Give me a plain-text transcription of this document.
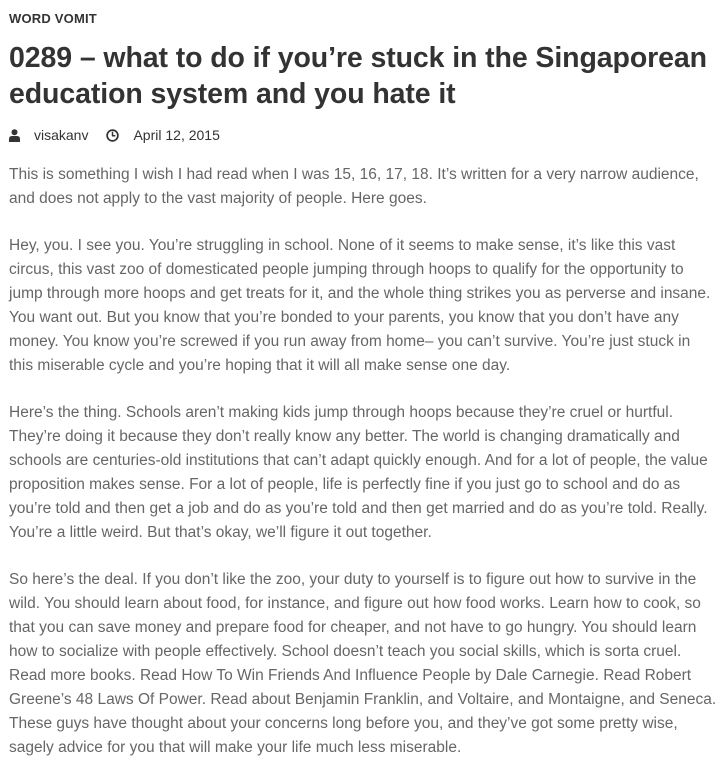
WORD VOMIT
0289 – what to do if you’re stuck in the Singaporean education system and you hate it
visakanv	April 12, 2015

This is something I wish I had read when I was 15, 16, 17, 18. It’s written for a very narrow audience, and does not apply to the vast majority of people. Here goes.

Hey, you. I see you. You’re struggling in school. None of it seems to make sense, it’s like this vast circus, this vast zoo of domesticated people jumping through hoops to qualify for the opportunity to jump through more hoops and get treats for it, and the whole thing strikes you as perverse and insane. You want out. But you know that you’re bonded to your parents, you know that you don’t have any money. You know you’re screwed if you run away from home– you can’t survive. You’re just stuck in this miserable cycle and you’re hoping that it will all make sense one day.

Here’s the thing. Schools aren’t making kids jump through hoops because they’re cruel or hurtful. They’re doing it because they don’t really know any better. The world is changing dramatically and schools are centuries-old institutions that can’t adapt quickly enough. And for a lot of people, the value proposition makes sense. For a lot of people, life is perfectly fine if you just go to school and do as you’re told and then get a job and do as you’re told and then get married and do as you’re told. Really. You’re a little weird. But that’s okay, we’ll figure it out together.

So here’s the deal. If you don’t like the zoo, your duty to yourself is to figure out how to survive in the wild. You should learn about food, for instance, and figure out how food works. Learn how to cook, so that you can save money and prepare food for cheaper, and not have to go hungry. You should learn how to socialize with people effectively. School doesn’t teach you social skills, which is sorta cruel. Read more books. Read How To Win Friends And Influence People by Dale Carnegie. Read Robert Greene’s 48 Laws Of Power. Read about Benjamin Franklin, and Voltaire, and Montaigne, and Seneca. These guys have thought about your concerns long before you, and they’ve got some pretty wise, sagely advice for you that will make your life much less miserable.
